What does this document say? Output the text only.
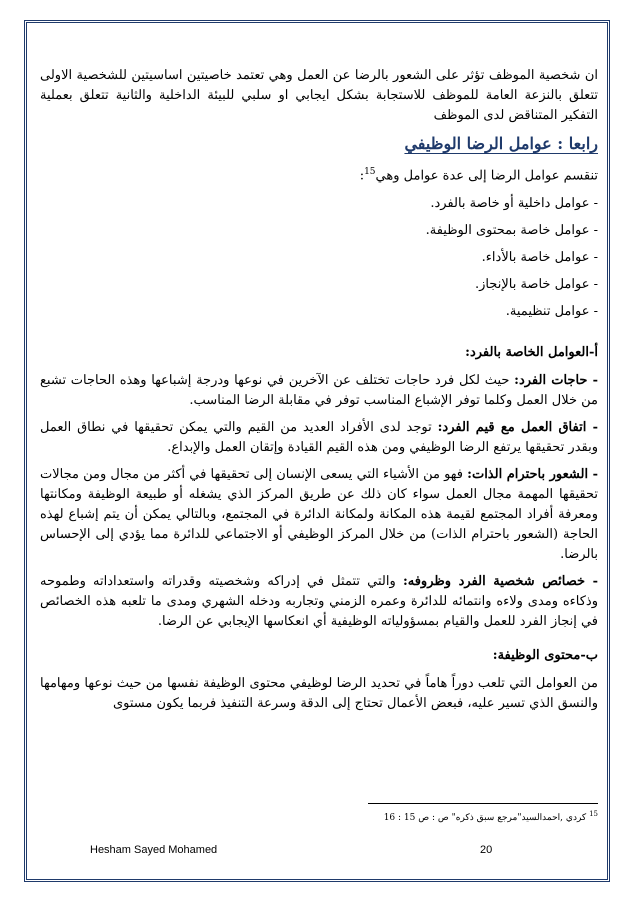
ان شخصية الموظف تؤثر على الشعور بالرضا عن العمل وهي تعتمد خاصيتين اساسيتين للشخصية الاولى تتعلق بالنزعة العامة للموظف للاستجابة بشكل ايجابي او سلبي للبيئة الداخلية والثانية تتعلق بعملية التفكير المتناقض لدى الموظف

رابعا : عوامل الرضا الوظيفي

تنقسم عوامل الرضا إلى عدة عوامل وهي$^{15}$:

- عوامل داخلية أو خاصة بالفرد.
- عوامل خاصة بمحتوى الوظيفة.
- عوامل خاصة بالأداء.
- عوامل خاصة بالإنجاز.
- عوامل تنظيمية.

أ-العوامل الخاصة بالفرد:

- حاجات الفرد: حيث لكل فرد حاجات تختلف عن الآخرين في نوعها ودرجة إشباعها وهذه الحاجات تشبع من خلال العمل وكلما توفر الإشباع المناسب توفر في مقابلة الرضا المناسب.

- اتفاق العمل مع قيم الفرد: توجد لدى الأفراد العديد من القيم والتي يمكن تحقيقها في نطاق العمل وبقدر تحقيقها يرتفع الرضا الوظيفي ومن هذه القيم القيادة وإتقان العمل والإبداع.

- الشعور باحترام الذات: فهو من الأشياء التي يسعى الإنسان إلى تحقيقها في أكثر من مجال ومن مجالات تحقيقها المهمة مجال العمل سواء كان ذلك عن طريق المركز الذي يشغله أو طبيعة الوظيفة ومكانتها ومعرفة أفراد المجتمع لقيمة هذه المكانة ولمكانة الدائرة في المجتمع، وبالتالي يمكن أن يتم إشباع لهذه الحاجة (الشعور باحترام الذات) من خلال المركز الوظيفي أو الاجتماعي للدائرة مما يؤدي إلى الإحساس بالرضا.

- خصائص شخصية الفرد وظروفه: والتي تتمثل في إدراكه وشخصيته وقدراته واستعداداته وطموحه وذكاءه ومدى ولاءه وانتمائه للدائرة وعمره الزمني وتجاربه ودخله الشهري ومدى ما تلعبه هذه الخصائص في إنجاز الفرد للعمل والقيام بمسؤولياته الوظيفية أي انعكاسها الإيجابي عن الرضا.

ب-محتوى الوظيفة:

من العوامل التي تلعب دوراً هاماً في تحديد الرضا لوظيفي محتوى الوظيفة نفسها من حيث نوعها ومهامها والنسق الذي تسير عليه، فبعض الأعمال تحتاج إلى الدقة وسرعة التنفيذ فربما يكون مستوى

$^{15}$ كردي ,احمدالسيد"مرجع سبق ذكره" ص : ص 15 : 16
Hesham Sayed Mohamed	20
